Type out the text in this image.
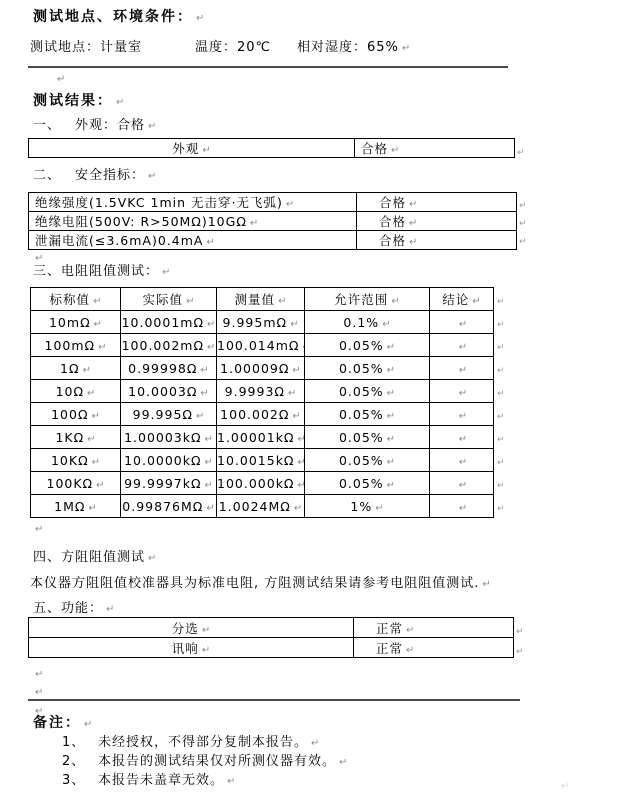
测试地点、环境条件：↵
测试地点：计量室	温度：20℃ 相对湿度：65%↵
↵
测试结果：↵
一、 外观：合格↵
外观 ↵	合格 ↵
↵
二、 安全指标：↵
绝缘强度(1.5VKC 1min 无击穿·无飞弧) ↵	合格 ↵
绝缘电阻(500V: R>50MΩ)10GΩ ↵	合格 ↵
泄漏电流(≤3.6mA)0.4mA ↵	合格 ↵
↵
↵
↵
↵
三、电阻阻值测试：↵
标称值 ↵	实际值 ↵	测量值 ↵	允许范围 ↵	结论 ↵
10mΩ ↵	10.0001mΩ ↵	9.995mΩ ↵	0.1% ↵	↵
100mΩ ↵	100.002mΩ ↵	100.014mΩ ↵	0.05% ↵	↵
1Ω ↵	0.99998Ω ↵	1.00009Ω ↵	0.05% ↵	↵
10Ω ↵	10.0003Ω ↵	9.9993Ω ↵	0.05% ↵	↵
100Ω ↵	99.995Ω ↵	100.002Ω ↵	0.05% ↵	↵
1KΩ ↵	1.00003kΩ ↵	1.00001kΩ ↵	0.05% ↵	↵
10KΩ ↵	10.0000kΩ ↵	10.0015kΩ ↵	0.05% ↵	↵
100KΩ ↵	99.9997kΩ ↵	100.000kΩ ↵	0.05% ↵	↵
1MΩ ↵	0.99876MΩ ↵	1.0024MΩ ↵	1% ↵	↵
↵
↵
↵
↵
↵
↵
↵
↵
↵
↵
↵
四、方阻阻值测试↵
本仪器方阻阻值校准器具为标准电阻, 方阻测试结果请参考电阻阻值测试.↵
五、功能：↵
分选 ↵	正常 ↵
讯响 ↵	正常 ↵
↵
↵
↵
↵
↵
备注：↵
1、 未经授权，不得部分复制本报告。↵
2、 本报告的测试结果仅对所测仪器有效。↵
3、 本报告未盖章无效。↵
↵
